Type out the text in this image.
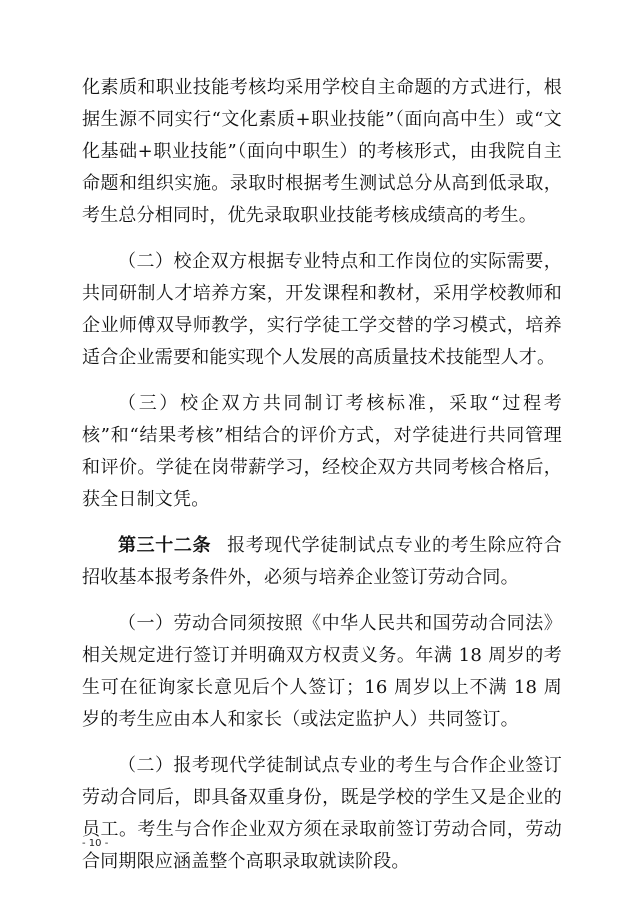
化素质和职业技能考核均采用学校自主命题的方式进行，根据生源不同实行“文化素质+职业技能”（面向高中生）或“文化基础+职业技能”（面向中职生）的考核形式，由我院自主命题和组织实施。录取时根据考生测试总分从高到低录取，考生总分相同时，优先录取职业技能考核成绩高的考生。

（二）校企双方根据专业特点和工作岗位的实际需要，共同研制人才培养方案，开发课程和教材，采用学校教师和企业师傅双导师教学，实行学徒工学交替的学习模式，培养适合企业需要和能实现个人发展的高质量技术技能型人才。

（三）校企双方共同制订考核标准，采取“过程考核”和“结果考核”相结合的评价方式，对学徒进行共同管理和评价。学徒在岗带薪学习，经校企双方共同考核合格后，获全日制文凭。

第三十二条 报考现代学徒制试点专业的考生除应符合招收基本报考条件外，必须与培养企业签订劳动合同。

（一）劳动合同须按照《中华人民共和国劳动合同法》相关规定进行签订并明确双方权责义务。年满 18 周岁的考生可在征询家长意见后个人签订；16 周岁以上不满 18 周岁的考生应由本人和家长（或法定监护人）共同签订。

（二）报考现代学徒制试点专业的考生与合作企业签订劳动合同后，即具备双重身份，既是学校的学生又是企业的员工。考生与合作企业双方须在录取前签订劳动合同，劳动合同期限应涵盖整个高职录取就读阶段。

- 10 -
